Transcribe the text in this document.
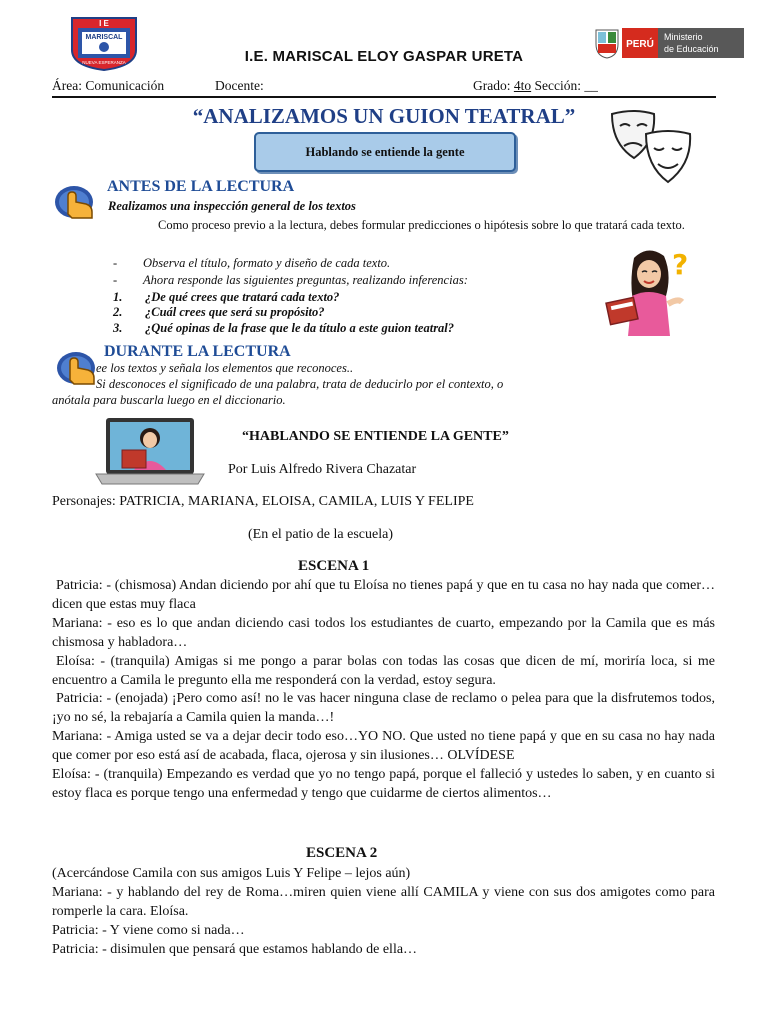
I E
MARISCAL
NUEVA ESPERANZA	I.E. MARISCAL ELOY GASPAR URETA
PERÚ
Ministerio
de Educación
Área: Comunicación	Docente:	Grado: 4to Sección: __
“ANALIZAMOS UN GUION TEATRAL”
Hablando se entiende la gente
ANTES DE LA LECTURA
Realizamos una inspección general de los textos
Como proceso previo a la lectura, debes formular predicciones o hipótesis sobre lo que tratará cada texto.
- Observa el título, formato y diseño de cada texto.
- Ahora responde las siguientes preguntas, realizando inferencias:
1. ¿De qué crees que tratará cada texto?
2. ¿Cuál crees que será su propósito?
3. ¿Qué opinas de la frase que le da título a este guion teatral?
?
DURANTE LA LECTURA
ee los textos y señala los elementos que reconoces..
Si desconoces el significado de una palabra, trata de deducirlo por el contexto, o
anótala para buscarla luego en el diccionario.
“HABLANDO SE ENTIENDE LA GENTE”
Por Luis Alfredo Rivera Chazatar
Personajes: PATRICIA, MARIANA, ELOISA, CAMILA, LUIS Y FELIPE
(En el patio de la escuela)
ESCENA 1

Patricia: - (chismosa) Andan diciendo por ahí que tu Eloísa no tienes papá y que en tu casa no hay nada que comer…dicen que estas muy flaca

Mariana: - eso es lo que andan diciendo casi todos los estudiantes de cuarto, empezando por la Camila que es más chismosa y habladora…

Eloísa: - (tranquila) Amigas si me pongo a parar bolas con todas las cosas que dicen de mí, moriría loca, si me encuentro a Camila le pregunto ella me responderá con la verdad, estoy segura.

Patricia: - (enojada) ¡Pero como así! no le vas hacer ninguna clase de reclamo o pelea para que la disfrutemos todos, ¡yo no sé, la rebajaría a Camila quien la manda…!

Mariana: - Amiga usted se va a dejar decir todo eso…YO NO. Que usted no tiene papá y que en su casa no hay nada que comer por eso está así de acabada, flaca, ojerosa y sin ilusiones… OLVÍDESE

Eloísa: - (tranquila) Empezando es verdad que yo no tengo papá, porque el falleció y ustedes lo saben, y en cuanto si estoy flaca es porque tengo una enfermedad y tengo que cuidarme de ciertos alimentos…

ESCENA 2

(Acercándose Camila con sus amigos Luis Y Felipe – lejos aún)

Mariana: - y hablando del rey de Roma…miren quien viene allí CAMILA y viene con sus dos amigotes como para romperle la cara. Eloísa.

Patricia: - Y viene como si nada…

Patricia: - disimulen que pensará que estamos hablando de ella…
